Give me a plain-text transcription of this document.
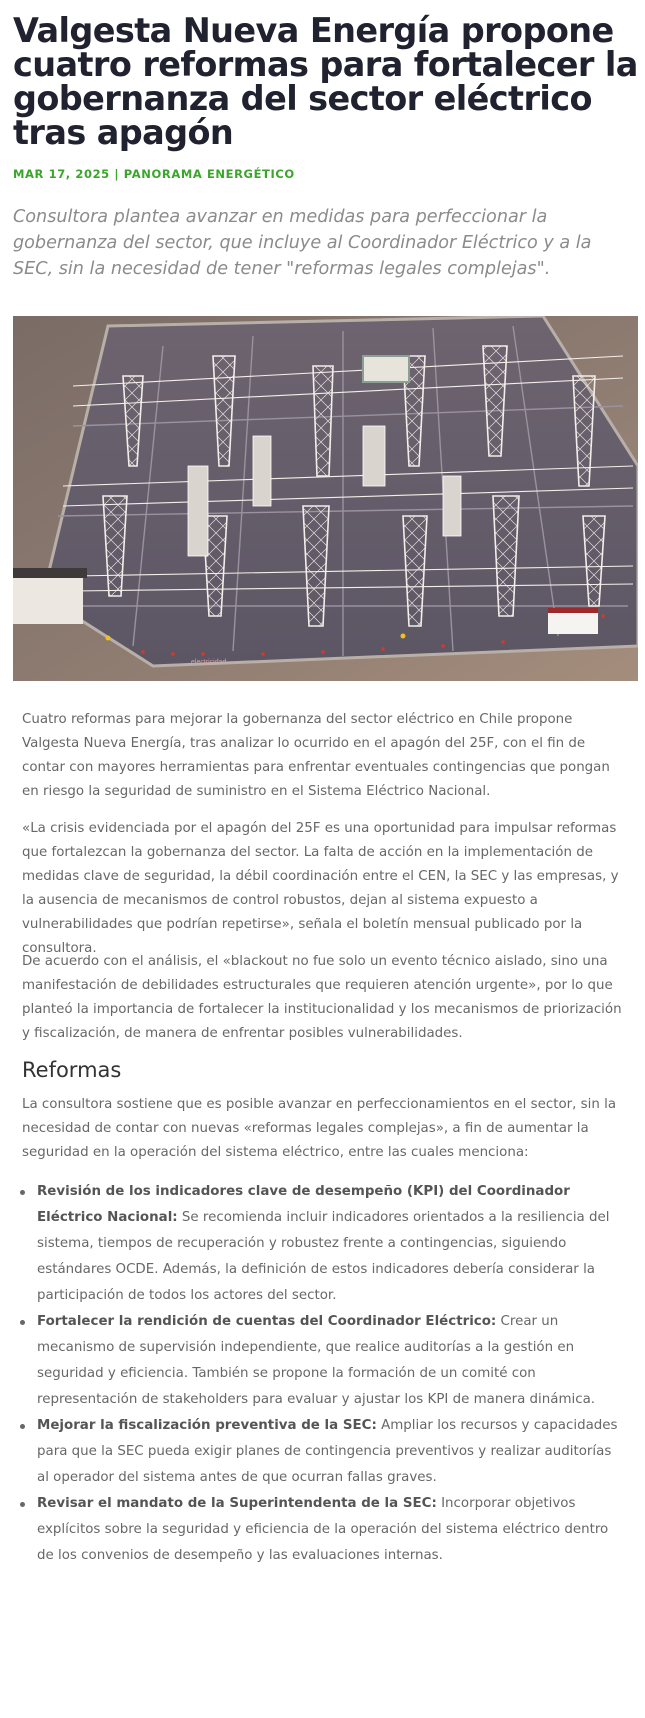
Valgesta Nueva Energía propone cuatro reformas para fortalecer la gobernanza del sector eléctrico tras apagón
MAR 17, 2025 | PANORAMA ENERGÉTICO

Consultora plantea avanzar en medidas para perfeccionar la gobernanza del sector, que incluye al Coordinador Eléctrico y a la SEC, sin la necesidad de tener "reformas legales complejas".

electricidad

Cuatro reformas para mejorar la gobernanza del sector eléctrico en Chile propone Valgesta Nueva Energía, tras analizar lo ocurrido en el apagón del 25F, con el fin de contar con mayores herramientas para enfrentar eventuales contingencias que pongan en riesgo la seguridad de suministro en el Sistema Eléctrico Nacional.

«La crisis evidenciada por el apagón del 25F es una oportunidad para impulsar reformas que fortalezcan la gobernanza del sector. La falta de acción en la implementación de medidas clave de seguridad, la débil coordinación entre el CEN, la SEC y las empresas, y la ausencia de mecanismos de control robustos, dejan al sistema expuesto a vulnerabilidades que podrían repetirse», señala el boletín mensual publicado por la consultora.

De acuerdo con el análisis, el «blackout no fue solo un evento técnico aislado, sino una manifestación de debilidades estructurales que requieren atención urgente», por lo que planteó la importancia de fortalecer la institucionalidad y los mecanismos de priorización y fiscalización, de manera de enfrentar posibles vulnerabilidades.

Reformas

La consultora sostiene que es posible avanzar en perfeccionamientos en el sector, sin la necesidad de contar con nuevas «reformas legales complejas», a fin de aumentar la seguridad en la operación del sistema eléctrico, entre las cuales menciona:

Revisión de los indicadores clave de desempeño (KPI) del Coordinador Eléctrico Nacional: Se recomienda incluir indicadores orientados a la resiliencia del sistema, tiempos de recuperación y robustez frente a contingencias, siguiendo estándares OCDE. Además, la definición de estos indicadores debería considerar la participación de todos los actores del sector.
Fortalecer la rendición de cuentas del Coordinador Eléctrico: Crear un mecanismo de supervisión independiente, que realice auditorías a la gestión en seguridad y eficiencia. También se propone la formación de un comité con representación de stakeholders para evaluar y ajustar los KPI de manera dinámica.
Mejorar la fiscalización preventiva de la SEC: Ampliar los recursos y capacidades para que la SEC pueda exigir planes de contingencia preventivos y realizar auditorías al operador del sistema antes de que ocurran fallas graves.
Revisar el mandato de la Superintendenta de la SEC: Incorporar objetivos explícitos sobre la seguridad y eficiencia de la operación del sistema eléctrico dentro de los convenios de desempeño y las evaluaciones internas.
